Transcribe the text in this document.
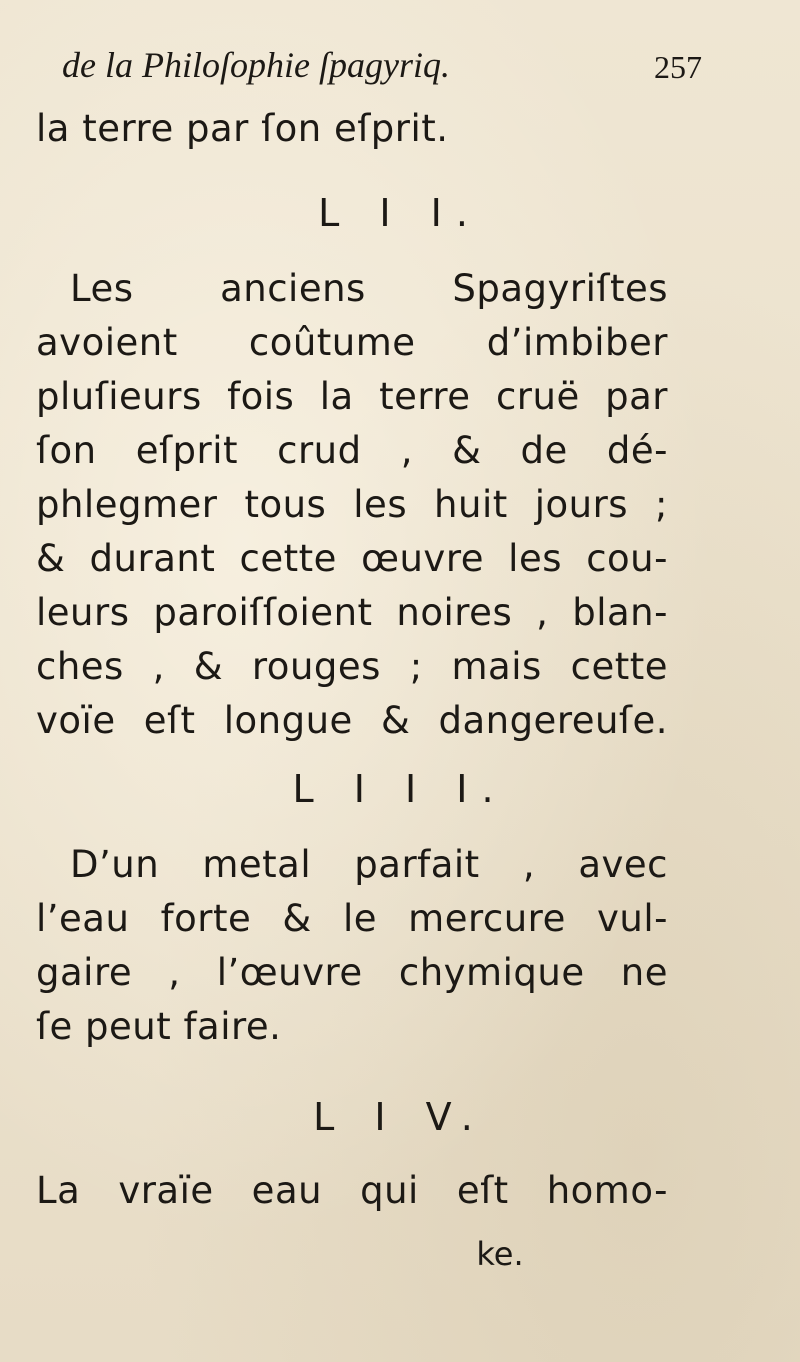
de la Philoſophie ſpagyriq.	257
la terre par ſon eſprit.
L I I.
Les anciens Spagyriſtes
avoient coûtume d’imbiber
pluſieurs fois la terre cruë par
ſon eſprit crud , & de dé-
phlegmer tous les huit jours ;
& durant cette œuvre les cou-
leurs paroiſſoient noires , blan-
ches , & rouges ; mais cette
voïe eſt longue & dangereuſe.
L I I I.
D’un metal parfait , avec
l’eau forte & le mercure vul-
gaire , l’œuvre chymique ne
ſe peut faire.
L I V.
La vraïe eau qui eſt homo-
ke.
